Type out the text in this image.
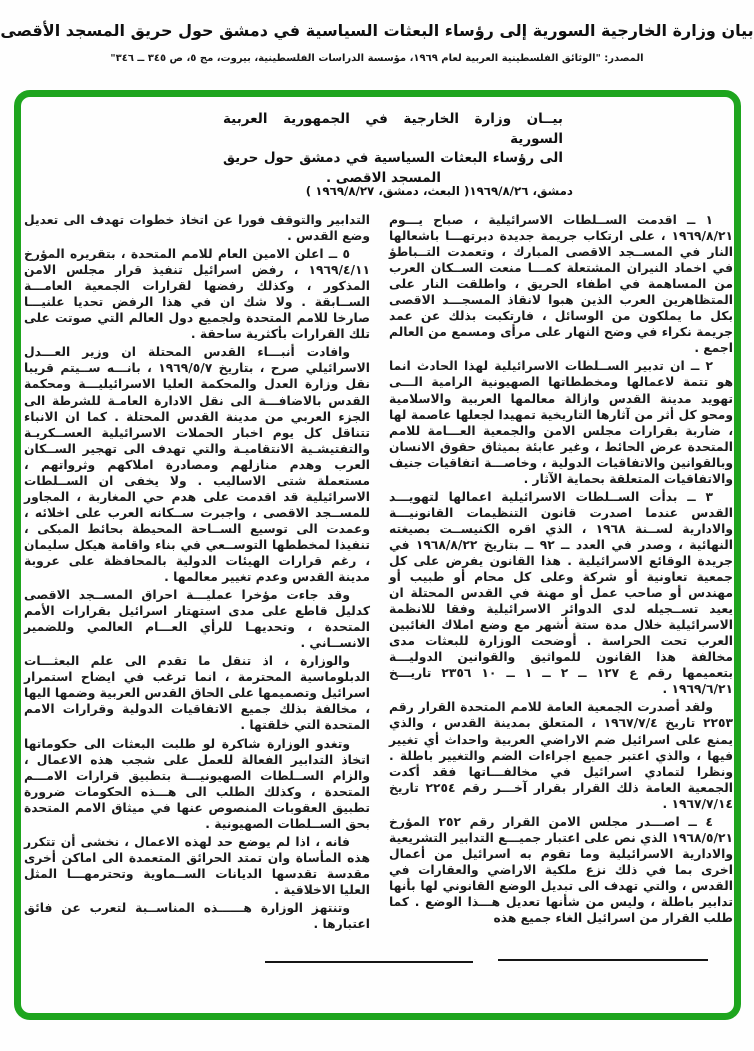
بيان وزارة الخارجية السورية إلى رؤساء البعثات السياسية في دمشق حول حريق المسجد الأقصى
المصدر: "الوثائق الفلسطينية العربية لعام ١٩٦٩، مؤسسة الدراسات الفلسطينية، بيروت، مج ٥، ص ٣٤٥ ــ ٣٤٦"
بيــان وزارة الخارجية في الجمهورية العربية السورية
الى رؤساء البعثات السياسية في دمشق حول حريق
المسجد الاقصى .
دمشق، ١٩٦٩/٨/٢٦
( البعث، دمشق، ١٩٦٩/٨/٢٧ )

١ ــ اقدمت الســلطات الاسرائيلية ، صباح يـــوم ١٩٦٩/٨/٢١ ، على ارتكاب جريمة جديدة دبرتهـــا باشعالها النار في المســجد الاقصى المبارك ، وتعمدت التــباطؤ في اخماد النيران المشتعلة كمـــا منعت الســكان العرب من المساهمة في اطفاء الحريق ، واطلقت النار على المتظاهرين العرب الذين هبوا لانقاذ المسجـــد الاقصى بكل ما يملكون من الوسائل ، فارتكبت بذلك عن عمد جريمة نكراء في وضح النهار على مرأى ومسمع من العالم اجمع .

٢ ــ ان تدبير الســلطات الاسرائيلية لهذا الحادث انما هو تتمة لاعمالها ومخططاتها الصهيونية الرامية الـــى تهويد مدينة القدس وازالة معالمها العربية والاسلامية ومحو كل أثر من آثارها التاريخية تمهيدا لجعلها عاصمة لها ، ضاربة بقرارات مجلس الامن والجمعية العـــامة للامم المتحدة عرض الحائط ، وغير عابئة بميثاق حقوق الانسان وبالقوانين والاتفاقيات الدولية ، وخاصـــة اتفاقيات جنيف والاتفاقيات المتعلقة بحماية الآثار .

٣ ــ بدأت الســلطات الاسرائيلية اعمالها لتهويـــد القدس عندما اصدرت قانون التنظيمات القانونيـــة والادارية لســنة ١٩٦٨ ، الذي اقره الكنيســت بصيغته النهائية ، وصدر في العدد ــ ٩٢ ــ بتاريخ ١٩٦٨/٨/٢٢ في جريدة الوقائع الاسرائيلية . هذا القانون يفرض على كل جمعية تعاونية أو شركة وعلى كل محام أو طبيب أو مهندس أو صاحب عمل أو مهنة في القدس المحتلة ان يعيد تســجيله لدى الدوائر الاسرائيلية وفقا للانظمة الاسرائيلية خلال مدة ستة أشهر مع وضع املاك الغائبين العرب تحت الحراسة . أوضحت الوزارة للبعثات مدى مخالفة هذا القانون للمواثيق والقوانين الدوليـــة بتعميمها رقم ع ١٢٧ ــ ٢ ــ ١ ــ ١٠ ٢٣٥٦ تاريـــخ ١٩٦٩/٦/٢١ .

ولقد أصدرت الجمعية العامة للامم المتحدة القرار رقم ٢٢٥٣ تاريخ ١٩٦٧/٧/٤ ، المتعلق بمدينة القدس ، والذي يمنع على اسرائيل ضم الاراضي العربية واحداث أي تغيير فيها ، والذي اعتبر جميع اجراءات الضم والتغيير باطلة . ونظرا لتمادي اسرائيل في مخالفـــاتها فقد أكدت الجمعية العامة ذلك القرار بقرار آخـــر رقم ٢٢٥٤ تاريخ ١٩٦٧/٧/١٤ .

٤ ــ اصـــدر مجلس الامن القرار رقم ٢٥٢ المؤرخ ١٩٦٨/٥/٢١ الذي نص على اعتبار جميـــع التدابير التشريعية والادارية الاسرائيلية وما تقوم به اسرائيل من أعمال اخرى بما في ذلك نزع ملكية الاراضي والعقارات في القدس ، والتي تهدف الى تبديل الوضع القانوني لها بأنها تدابير باطلة ، وليس من شأنها تعديل هـــذا الوضع . كما طلب القرار من اسرائيل الغاء جميع هذه

التدابير والتوقف فورا عن اتخاذ خطوات تهدف الى تعديل وضع القدس .

٥ ــ اعلن الامين العام للامم المتحدة ، بتقريره المؤرخ ١٩٦٩/٤/١١ ، رفض اسرائيل تنفيذ قرار مجلس الامن المذكور ، وكذلك رفضها لقرارات الجمعية العامـــة الســابقة . ولا شك ان في هذا الرفض تحديا علنيـــا صارخا للامم المتحدة ولجميع دول العالم التي صوتت على تلك القرارات بأكثرية ساحقة .

وافادت أنبـــاء القدس المحتلة ان وزير العـــدل الاسرائيلي صرح ، بتاريخ ١٩٦٩/٥/٧ ، بانـــه ســيتم قريبا نقل وزارة العدل والمحكمة العليا الاسرائيليـــة ومحكمة القدس بالاضافـــة الى نقل الادارة العامـة للشرطة الى الجزء العربي من مدينة القدس المحتلة . كما ان الانباء تتناقل كل يوم اخبار الحملات الاسرائيلية العســكريـة والتفتيشـية الانتقاميـة والتي تهدف الى تهجير الســكان العرب وهدم منازلهم ومصادرة املاكهم وثرواتهم ، مستعملة شتى الاساليب . ولا يخفى ان الســلطات الاسرائيلية قد اقدمت على هدم حي المغاربة ، المجاور للمســجد الاقصى ، واجبرت ســكانه العرب على اخلائه ، وعمدت الى توسيع الســاحة المحيطة بحائط المبكى ، تنفيذا لمخططها التوســعي في بناء واقامة هيكل سليمان ، رغم قرارات الهيئات الدولية بالمحافظة على عروبة مدينة القدس وعدم تغيير معالمها .

وقد جاءت مؤخرا عمليـــة احراق المســجد الاقصى كدليل قاطع على مدى استهتار اسرائيل بقرارات الأمم المتحدة ، وتحديهـا للرأي العـــام العالمي وللضمير الانســاني .

والوزارة ، اذ تنقل ما تقدم الى علم البعثـــات الدبلوماسية المحترمة ، انما ترغب في ايضاح استمرار اسرائيل وتصميمها على الحاق القدس العربية وضمها اليها ، مخالفة بذلك جميع الاتفاقيات الدولية وقرارات الامم المتحدة التي خلقتها .

وتغدو الوزارة شاكرة لو طلبت البعثات الى حكوماتها اتخاذ التدابير الفعالة للعمل على شجب هذه الاعمال ، والزام الســلطات الصهيونيـــة بتطبيق قرارات الامـــم المتحدة ، وكذلك الطلب الى هـــذه الحكومات ضرورة تطبيق العقوبات المنصوص عنها في ميثاق الامم المتحدة بحق الســلطات الصهيونية .

فانه ، اذا لم يوضع حد لهذه الاعمال ، نخشى أن تتكرر هذه المأساة وان تمتد الحرائق المتعمدة الى اماكن أخرى مقدسة تقدسها الديانات الســماوية وتحترمهـــا المثل العليا الاخلاقية .

وتنتهز الوزارة هــــــذه المناســبة لتعرب عن فائق اعتبارها .
